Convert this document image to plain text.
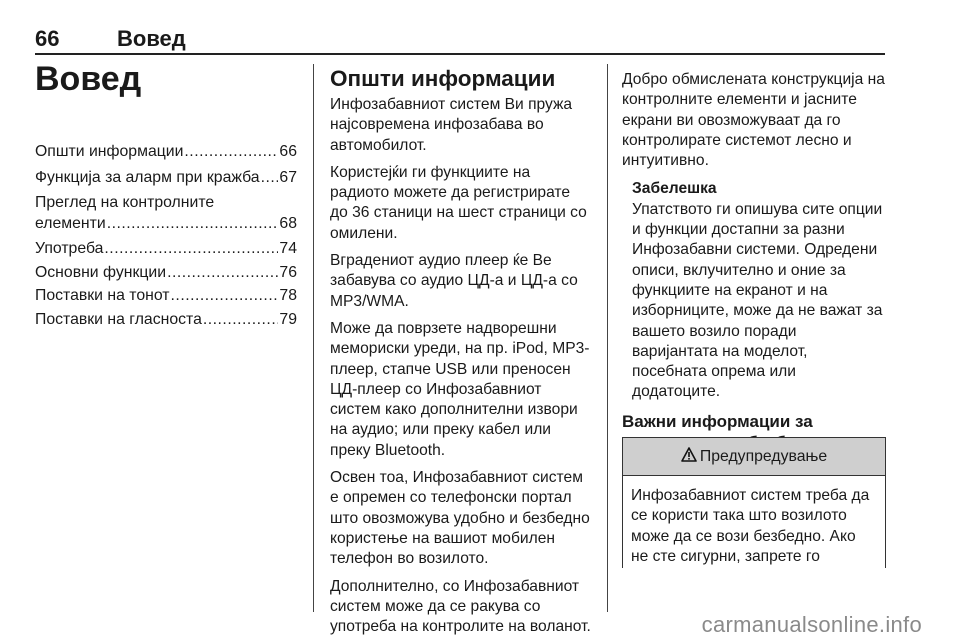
66	Вовед
Вовед
Општи информации .....	66
Функција за аларм при кражба ..... 67
Преглед на контролните
елементи .....	68
Употреба .....	74
Основни функции .....	76
Поставки на тонот .....	78
Поставки на гласноста .....	79
Општи информации

Инфозабавниот систем Ви пружа најсовремена инфозабава во автомобилот.

Користејќи ги функциите на радиото можете да регистрирате до 36 станици на шест страници со омилени.

Вградениот аудио плеер ќе Ве забавува со аудио ЦД-а и ЦД-а со MP3/WMA.

Може да поврзете надворешни мемориски уреди, на пр. iPod, MP3-плеер, стапче USB или преносен ЦД-плеер со Инфозабавниот систем како дополнителни извори на аудио; или преку кабел или преку Bluetooth.

Освен тоа, Инфозабавниот систем е опремен со телефонски портал што овозможува удобно и безбедно користење на вашиот мобилен телефон во возилото.

Дополнително, со Инфозабавниот систем може да се ракува со употреба на контролите на воланот.

Добро обмислената конструкција на контролните елементи и јасните екрани ви овозможуваат да го контролирате системот лесно и интуитивно.

Забелешка

Упатството ги опишува сите опции и функции достапни за разни Инфозабавни системи. Одредени описи, вклучително и оние за функциите на екранот и на изборниците, може да не важат за вашето возило поради варијантата на моделот, посебната опрема или додатоците.

Важни информации за
Предупредување
Инфозабавниот систем треба да се користи така што возилото може да се вози безбедно. Ако не сте сигурни, запрете го
carmanualsonline.info
